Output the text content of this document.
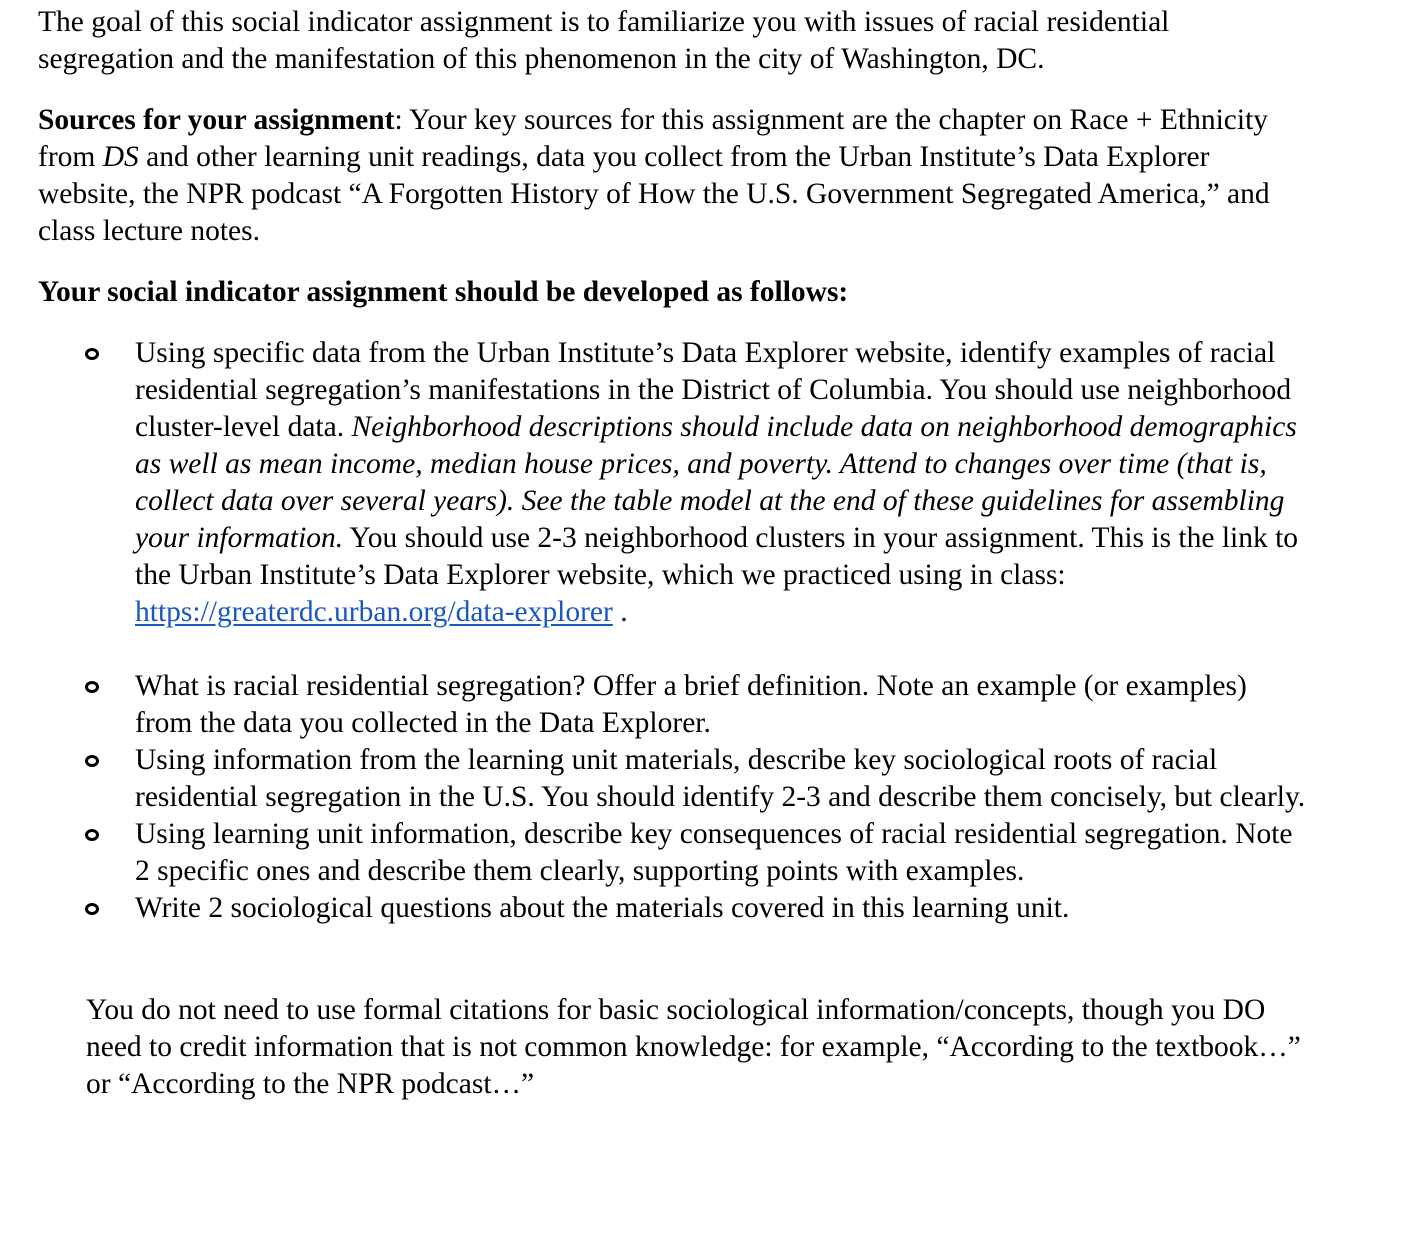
The goal of this social indicator assignment is to familiarize you with issues of racial residential segregation and the manifestation of this phenomenon in the city of Washington, DC.

Sources for your assignment: Your key sources for this assignment are the chapter on Race + Ethnicity from DS and other learning unit readings, data you collect from the Urban Institute’s Data Explorer website, the NPR podcast “A Forgotten History of How the U.S. Government Segregated America,” and class lecture notes.

Your social indicator assignment should be developed as follows:

Using specific data from the Urban Institute’s Data Explorer website, identify examples of racial residential segregation’s manifestations in the District of Columbia. You should use neighborhood cluster-level data. Neighborhood descriptions should include data on neighborhood demographics as well as mean income, median house prices, and poverty. Attend to changes over time (that is, collect data over several years). See the table model at the end of these guidelines for assembling your information. You should use 2-3 neighborhood clusters in your assignment. This is the link to the Urban Institute’s Data Explorer website, which we practiced using in class: https://greaterdc.urban.org/data-explorer .
What is racial residential segregation? Offer a brief definition. Note an example (or examples) from the data you collected in the Data Explorer.
Using information from the learning unit materials, describe key sociological roots of racial residential segregation in the U.S. You should identify 2-3 and describe them concisely, but clearly.
Using learning unit information, describe key consequences of racial residential segregation. Note 2 specific ones and describe them clearly, supporting points with examples.
Write 2 sociological questions about the materials covered in this learning unit.

You do not need to use formal citations for basic sociological information/concepts, though you DO need to credit information that is not common knowledge: for example, “According to the textbook…” or “According to the NPR podcast…”
